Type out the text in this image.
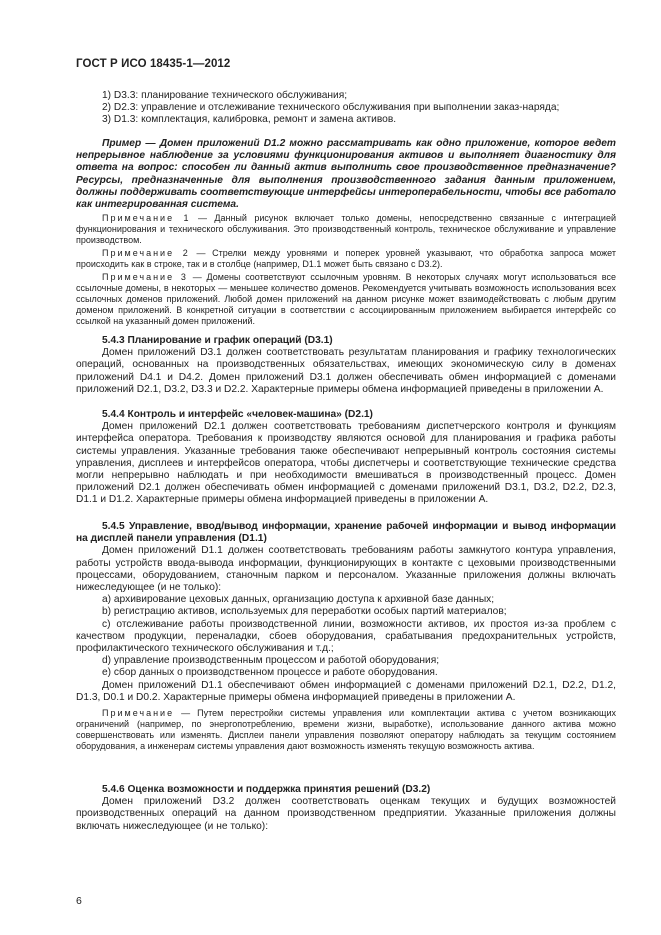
ГОСТ Р ИСО 18435-1—2012

1) D3.3: планирование технического обслуживания;

2) D2.3: управление и отслеживание технического обслуживания при выполнении заказ-наряда;

3) D1.3: комплектация, калибровка, ремонт и замена активов.

Пример — Домен приложений D1.2 можно рассматривать как одно приложение, которое ведет непрерывное наблюдение за условиями функционирования активов и выполняет диагностику для ответа на вопрос: способен ли данный актив выполнить свое производственное предназначение? Ресурсы, предназначенные для выполнения производственного задания данным приложением, должны поддерживать соответствующие интерфейсы интероперабельности, чтобы все работало как интегрированная система.

Примечание 1 — Данный рисунок включает только домены, непосредственно связанные с интеграцией функционирования и технического обслуживания. Это производственный контроль, техническое обслуживание и управление производством.

Примечание 2 — Стрелки между уровнями и поперек уровней указывают, что обработка запроса может происходить как в строке, так и в столбце (например, D1.1 может быть связано с D3.2).

Примечание 3 — Домены соответствуют ссылочным уровням. В некоторых случаях могут использоваться все ссылочные домены, в некоторых — меньшее количество доменов. Рекомендуется учитывать возможность использования всех ссылочных доменов приложений. Любой домен приложений на данном рисунке может взаимодействовать с любым другим доменом приложений. В конкретной ситуации в соответствии с ассоциированным приложением выбирается интерфейс со ссылкой на указанный домен приложений.

5.4.3 Планирование и график операций (D3.1)

Домен приложений D3.1 должен соответствовать результатам планирования и графику технологических операций, основанных на производственных обязательствах, имеющих экономическую силу в доменах приложений D4.1 и D4.2. Домен приложений D3.1 должен обеспечивать обмен информацией с доменами приложений D2.1, D3.2, D3.3 и D2.2. Характерные примеры обмена информацией приведены в приложении А.

5.4.4 Контроль и интерфейс «человек-машина» (D2.1)

Домен приложений D2.1 должен соответствовать требованиям диспетчерского контроля и функциям интерфейса оператора. Требования к производству являются основой для планирования и графика работы системы управления. Указанные требования также обеспечивают непрерывный контроль состояния системы управления, дисплеев и интерфейсов оператора, чтобы диспетчеры и соответствующие технические средства могли непрерывно наблюдать и при необходимости вмешиваться в производственный процесс. Домен приложений D2.1 должен обеспечивать обмен информацией с доменами приложений D3.1, D3.2, D2.2, D2.3, D1.1 и D1.2. Характерные примеры обмена информацией приведены в приложении А.

5.4.5 Управление, ввод/вывод информации, хранение рабочей информации и вывод информации на дисплей панели управления (D1.1)

Домен приложений D1.1 должен соответствовать требованиям работы замкнутого контура управления, работы устройств ввода-вывода информации, функционирующих в контакте с цеховыми производственными процессами, оборудованием, станочным парком и персоналом. Указанные приложения должны включать нижеследующее (и не только):

a) архивирование цеховых данных, организацию доступа к архивной базе данных;

b) регистрацию активов, используемых для переработки особых партий материалов;

c) отслеживание работы производственной линии, возможности активов, их простоя из-за проблем с качеством продукции, переналадки, сбоев оборудования, срабатывания предохранительных устройств, профилактического технического обслуживания и т.д.;

d) управление производственным процессом и работой оборудования;

e) сбор данных о производственном процессе и работе оборудования.

Домен приложений D1.1 обеспечивают обмен информацией с доменами приложений D2.1, D2.2, D1.2, D1.3, D0.1 и D0.2. Характерные примеры обмена информацией приведены в приложении А.

Примечание — Путем перестройки системы управления или комплектации актива с учетом возникающих ограничений (например, по энергопотреблению, времени жизни, выработке), использование данного актива можно совершенствовать или изменять. Дисплеи панели управления позволяют оператору наблюдать за текущим состоянием оборудования, а инженерам системы управления дают возможность изменять текущую возможность актива.

5.4.6 Оценка возможности и поддержка принятия решений (D3.2)

Домен приложений D3.2 должен соответствовать оценкам текущих и будущих возможностей производственных операций на данном производственном предприятии. Указанные приложения должны включать нижеследующее (и не только):

6
